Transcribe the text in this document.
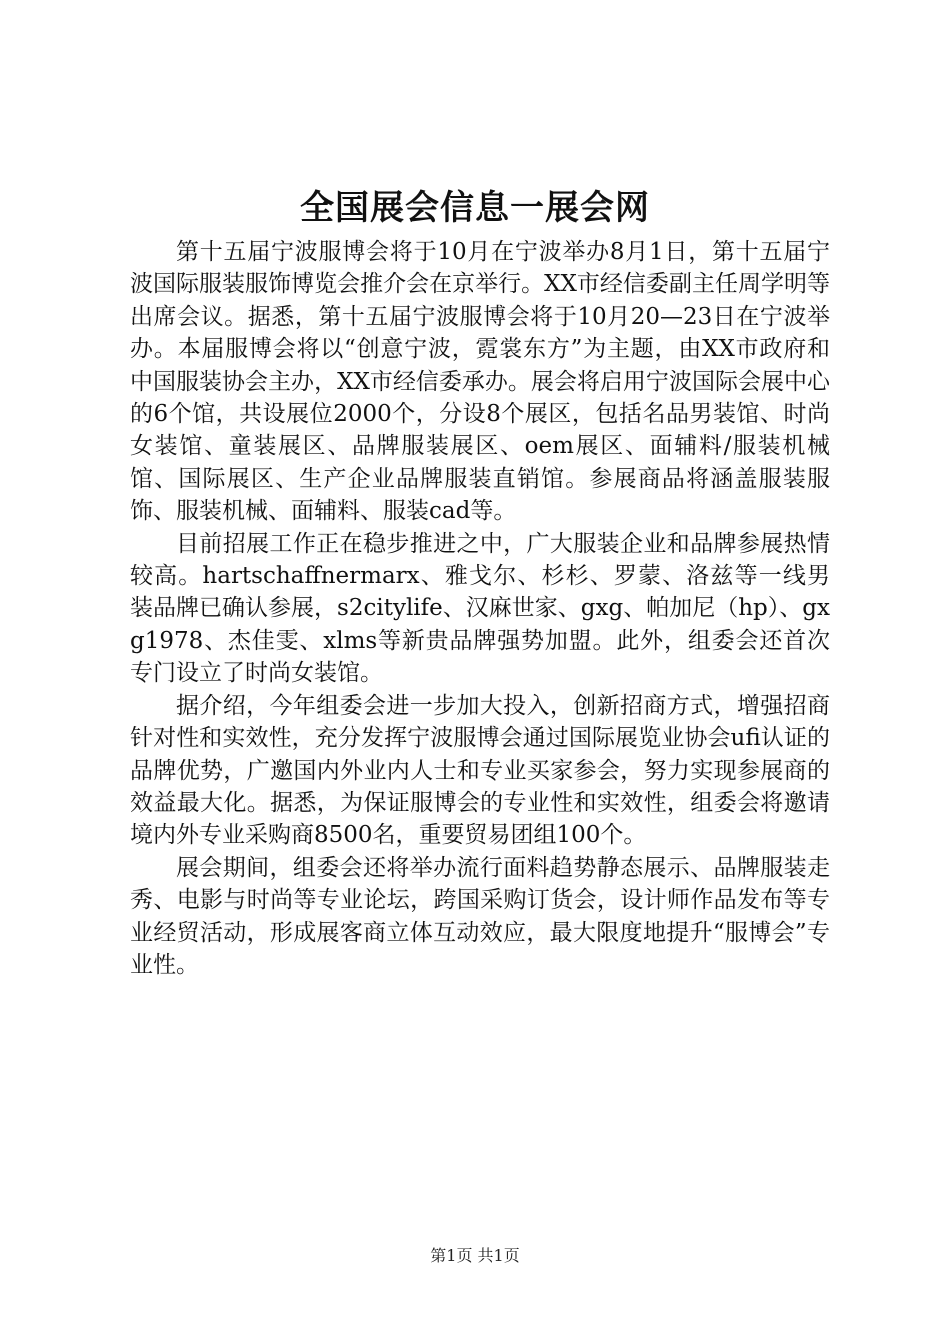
全国展会信息一展会网

第十五届宁波服博会将于10月在宁波举办8月1日，第十五届宁波国际服装服饰博览会推介会在京举行。XX市经信委副主任周学明等出席会议。据悉，第十五届宁波服博会将于10月20—23日在宁波举办。本届服博会将以“创意宁波，霓裳东方”为主题，由XX市政府和中国服装协会主办，XX市经信委承办。展会将启用宁波国际会展中心的6个馆，共设展位2000个，分设8个展区，包括名品男装馆、时尚女装馆、童装展区、品牌服装展区、oem展区、面辅料/服装机械馆、国际展区、生产企业品牌服装直销馆。参展商品将涵盖服装服饰、服装机械、面辅料、服装cad等。

目前招展工作正在稳步推进之中，广大服装企业和品牌参展热情较高。hartschaffnermarx、雅戈尔、杉杉、罗蒙、洛兹等一线男装品牌已确认参展，s2citylife、汉麻世家、gxg、帕加尼（hp）、gxg1978、杰佳雯、xlms等新贵品牌强势加盟。此外，组委会还首次专门设立了时尚女装馆。

据介绍，今年组委会进一步加大投入，创新招商方式，增强招商针对性和实效性，充分发挥宁波服博会通过国际展览业协会ufi认证的品牌优势，广邀国内外业内人士和专业买家参会，努力实现参展商的效益最大化。据悉，为保证服博会的专业性和实效性，组委会将邀请境内外专业采购商8500名，重要贸易团组100个。

展会期间，组委会还将举办流行面料趋势静态展示、品牌服装走秀、电影与时尚等专业论坛，跨国采购订货会，设计师作品发布等专业经贸活动，形成展客商立体互动效应，最大限度地提升“服博会”专业性。

第1页 共1页
